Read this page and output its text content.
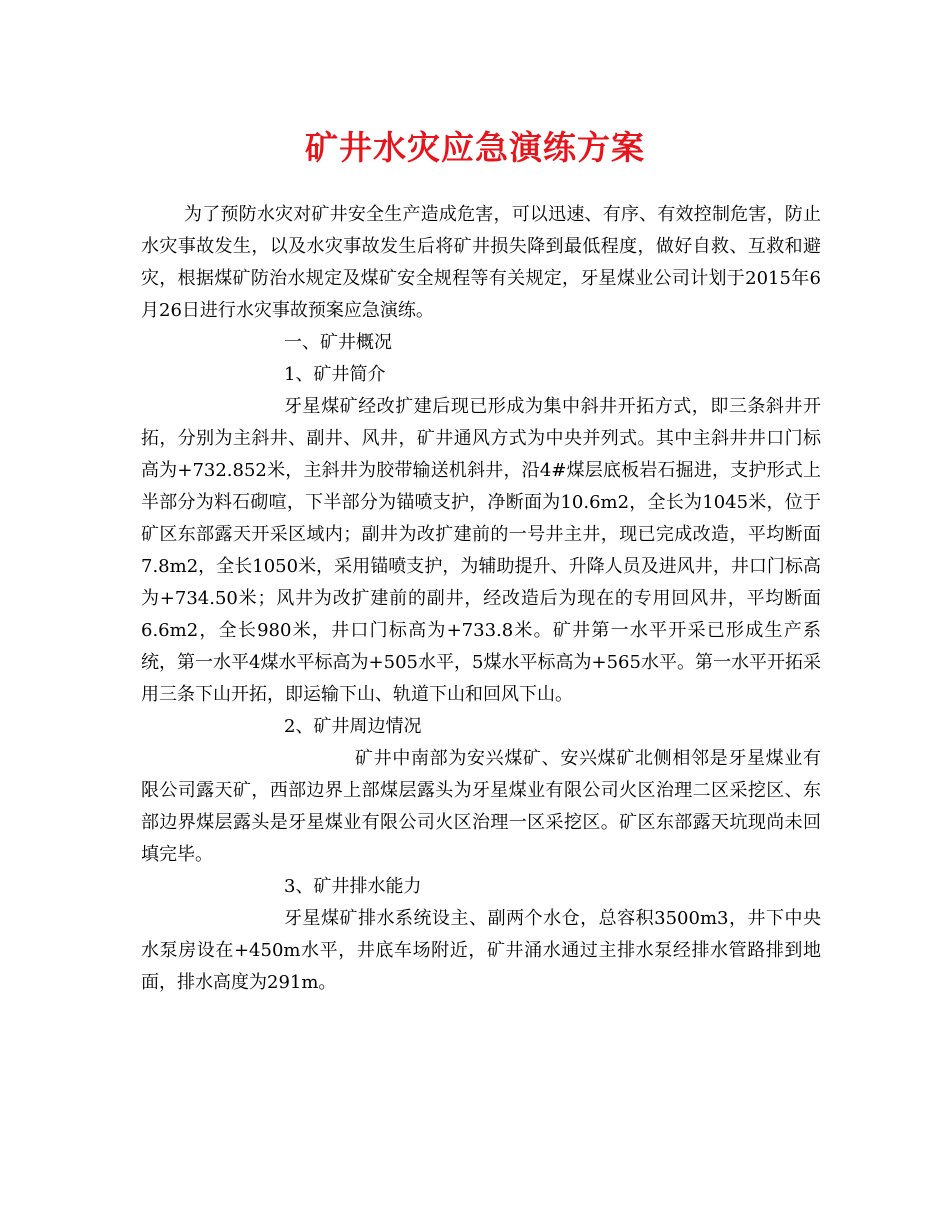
矿井水灾应急演练方案

为了预防水灾对矿井安全生产造成危害，可以迅速、有序、有效控制危害，防止水灾事故发生，以及水灾事故发生后将矿井损失降到最低程度，做好自救、互救和避灾，根据煤矿防治水规定及煤矿安全规程等有关规定，牙星煤业公司计划于2015年6月26日进行水灾事故预案应急演练。

一、矿井概况

1、矿井简介

牙星煤矿经改扩建后现已形成为集中斜井开拓方式，即三条斜井开拓，分别为主斜井、副井、风井，矿井通风方式为中央并列式。其中主斜井井口门标高为+732.852米，主斜井为胶带输送机斜井，沿4#煤层底板岩石掘进，支护形式上半部分为料石砌喧，下半部分为锚喷支护，净断面为10.6m2，全长为1045米，位于矿区东部露天开采区域内；副井为改扩建前的一号井主井，现已完成改造，平均断面7.8m2，全长1050米，采用锚喷支护，为辅助提升、升降人员及进风井，井口门标高为+734.50米；风井为改扩建前的副井，经改造后为现在的专用回风井，平均断面6.6m2，全长980米，井口门标高为+733.8米。矿井第一水平开采已形成生产系统，第一水平4煤水平标高为+505水平，5煤水平标高为+565水平。第一水平开拓采用三条下山开拓，即运输下山、轨道下山和回风下山。

2、矿井周边情况

矿井中南部为安兴煤矿、安兴煤矿北侧相邻是牙星煤业有限公司露天矿，西部边界上部煤层露头为牙星煤业有限公司火区治理二区采挖区、东部边界煤层露头是牙星煤业有限公司火区治理一区采挖区。矿区东部露天坑现尚未回填完毕。

3、矿井排水能力

牙星煤矿排水系统设主、副两个水仓，总容积3500m3，井下中央水泵房设在+450m水平，井底车场附近，矿井涌水通过主排水泵经排水管路排到地面，排水高度为291m。
